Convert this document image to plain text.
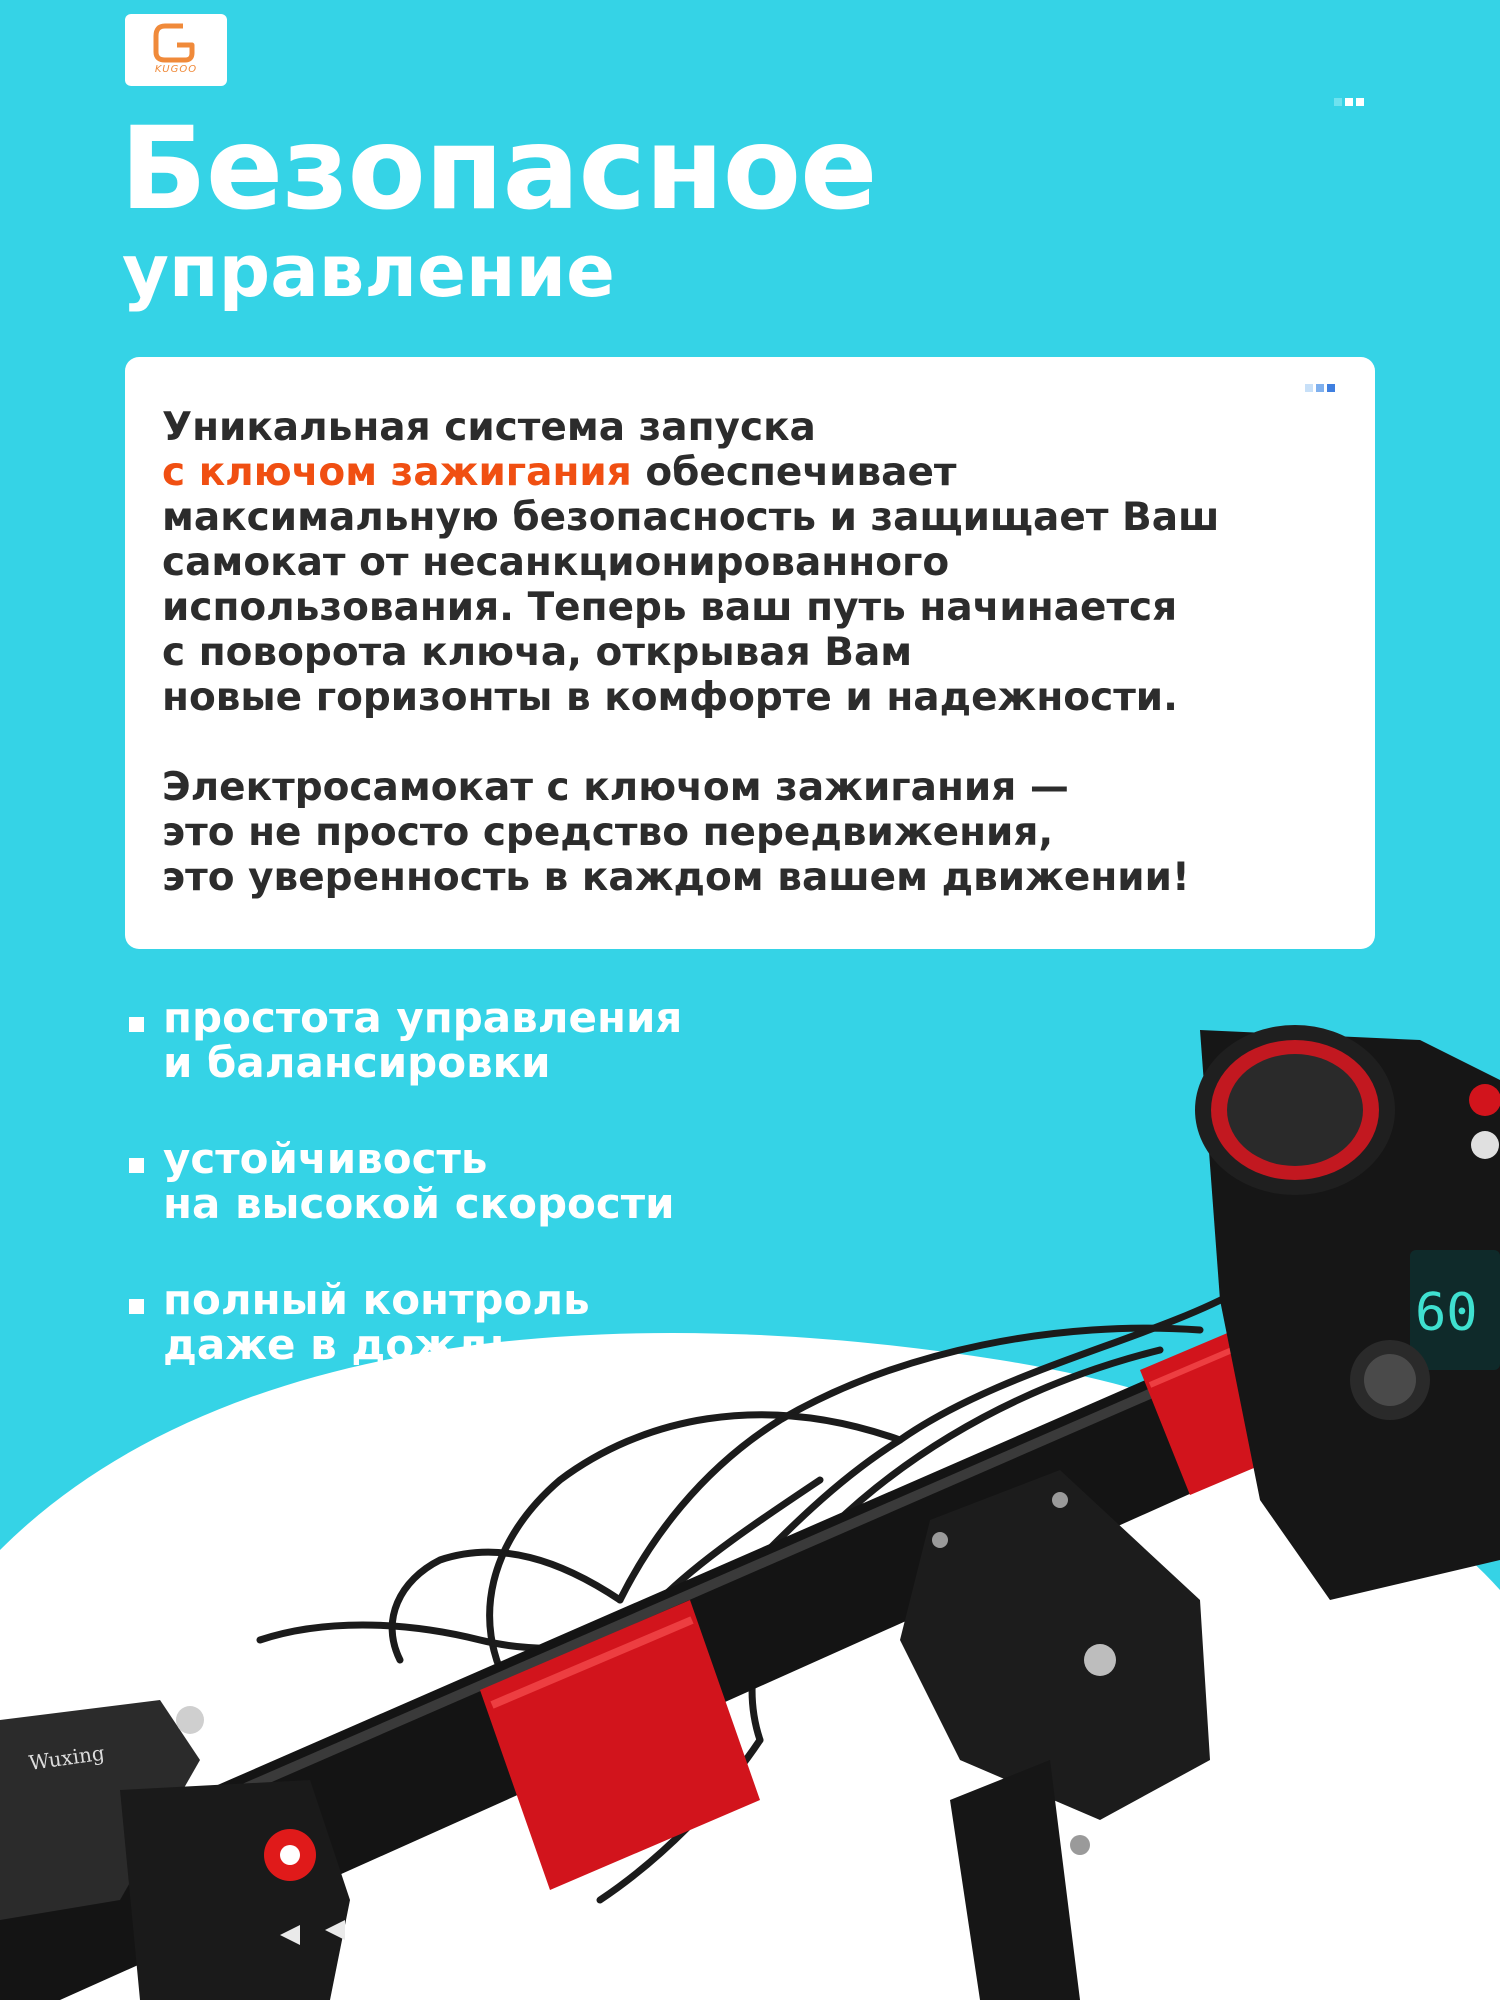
KUGOO
Безопасное
управление

Уникальная система запуска

с ключом зажигания обеспечивает

максимальную безопасность и защищает Ваш

самокат от несанкционированного

использования. Теперь ваш путь начинается

с поворота ключа, открывая Вам

новые горизонты в комфорте и надежности.

Электросамокат с ключом зажигания —

это не просто средство передвижения,

это уверенность в каждом вашем движении!

простота управления
и балансировки
устойчивость
на высокой скорости
полный контроль
даже в дождь
60
Wuxing
